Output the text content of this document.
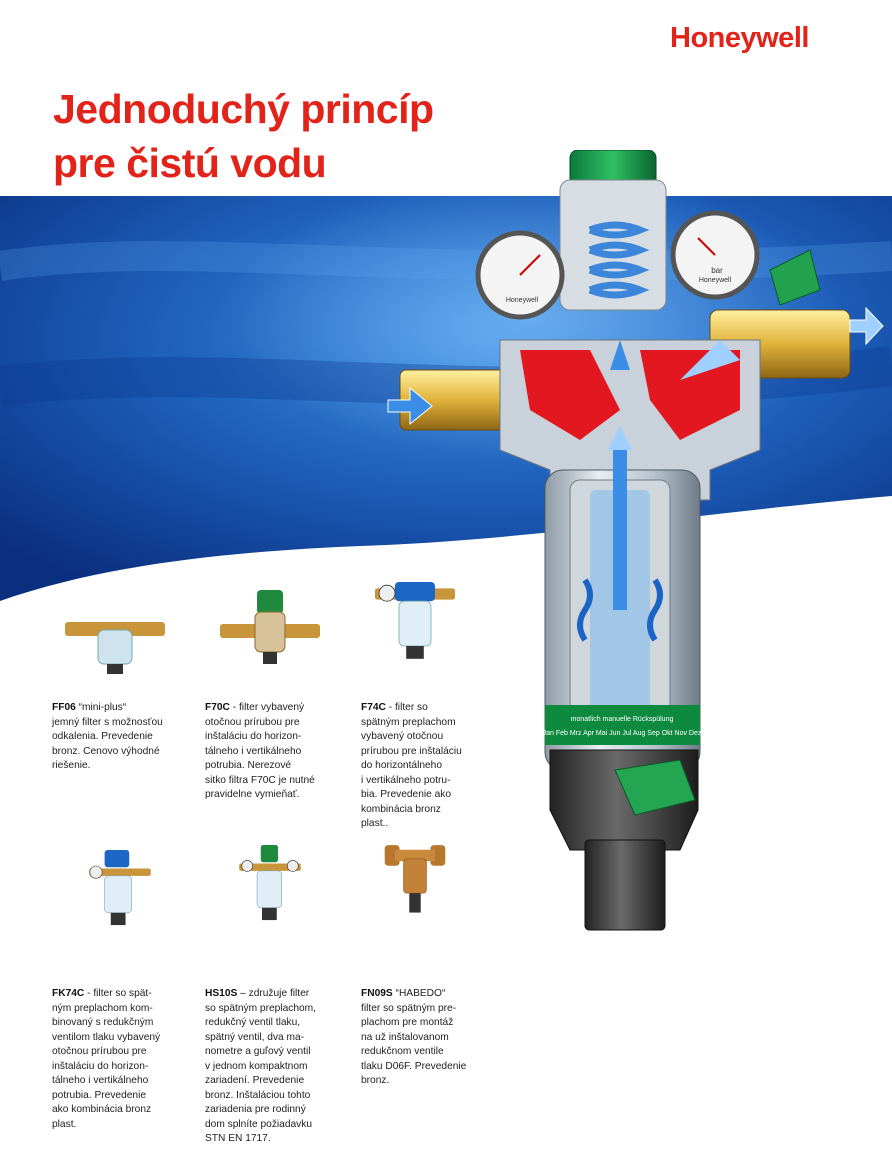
Honeywell
Jednoduchý princíp
pre čistú vodu
Honeywell
Honeywell
bar
monatlich manuelle Rückspülung
Jan Feb Mrz Apr Mai Jun Jul Aug Sep Okt Nov Dez
FF06 “mini-plus“
jemný filter s možnosťou
odkalenia. Prevedenie
bronz. Cenovo výhodné
riešenie.
F70C - filter vybavený
otočnou prírubou pre
inštaláciu do horizon-
tálneho i vertikálneho
potrubia. Nerezové
sitko filtra F70C je nutné
pravidelne vymieňať.
F74C - filter so
spätným preplachom
vybavený otočnou
prírubou pre inštaláciu
do horizontálneho
i vertikálneho potru-
bia. Prevedenie ako
kombinácia bronz
plast..
FK74C - filter so spät-
ným preplachom kom-
binovaný s redukčným
ventilom tlaku vybavený
otočnou prírubou pre
inštaláciu do horizon-
tálneho i vertikálneho
potrubia. Prevedenie
ako kombinácia bronz
plast.
HS10S – združuje filter
so spätným preplachom,
redukčný ventil tlaku,
spätný ventil, dva ma-
nometre a guľový ventil
v jednom kompaktnom
zariadení. Prevedenie
bronz. Inštaláciou tohto
zariadenia pre rodinný
dom splníte požiadavku
STN EN 1717.
FN09S “HABEDO“
filter so spätným pre-
plachom pre montáž
na už inštalovanom
redukčnom ventile
tlaku D06F. Prevedenie
bronz.
